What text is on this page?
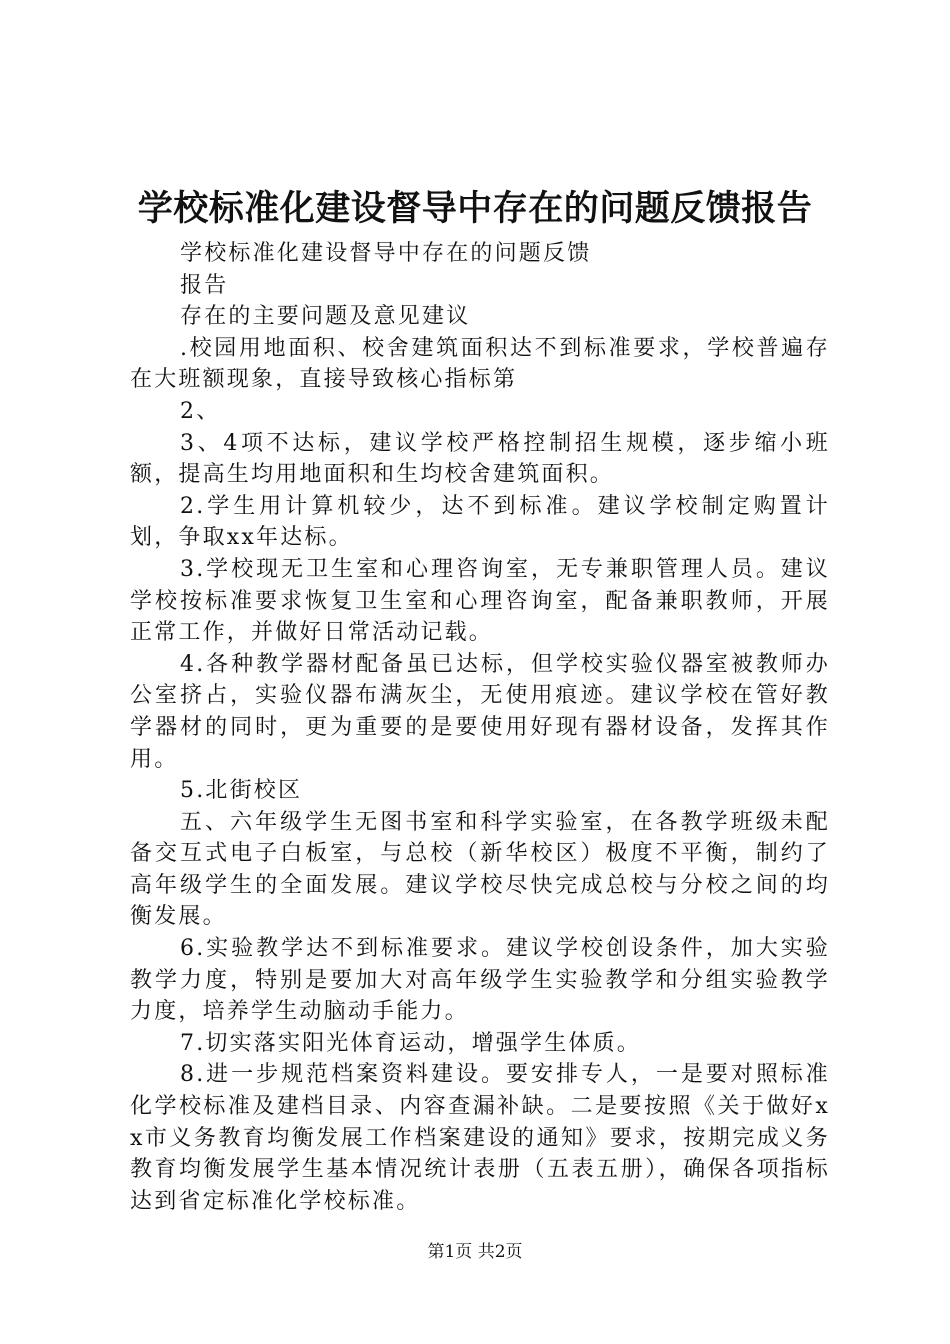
学校标准化建设督导中存在的问题反馈报告

学校标准化建设督导中存在的问题反馈

报告

存在的主要问题及意见建议

.校园用地面积、校舍建筑面积达不到标准要求，学校普遍存在大班额现象，直接导致核心指标第

2、

3、4项不达标，建议学校严格控制招生规模，逐步缩小班额，提高生均用地面积和生均校舍建筑面积。

2.学生用计算机较少，达不到标准。建议学校制定购置计划，争取xx年达标。

3.学校现无卫生室和心理咨询室，无专兼职管理人员。建议学校按标准要求恢复卫生室和心理咨询室，配备兼职教师，开展正常工作，并做好日常活动记载。

4.各种教学器材配备虽已达标，但学校实验仪器室被教师办公室挤占，实验仪器布满灰尘，无使用痕迹。建议学校在管好教学器材的同时，更为重要的是要使用好现有器材设备，发挥其作用。

5.北街校区

五、六年级学生无图书室和科学实验室，在各教学班级未配备交互式电子白板室，与总校（新华校区）极度不平衡，制约了高年级学生的全面发展。建议学校尽快完成总校与分校之间的均衡发展。

6.实验教学达不到标准要求。建议学校创设条件，加大实验教学力度，特别是要加大对高年级学生实验教学和分组实验教学力度，培养学生动脑动手能力。

7.切实落实阳光体育运动，增强学生体质。

8.进一步规范档案资料建设。要安排专人，一是要对照标准化学校标准及建档目录、内容查漏补缺。二是要按照《关于做好xx市义务教育均衡发展工作档案建设的通知》要求，按期完成义务教育均衡发展学生基本情况统计表册（五表五册），确保各项指标达到省定标准化学校标准。

第1页 共2页
